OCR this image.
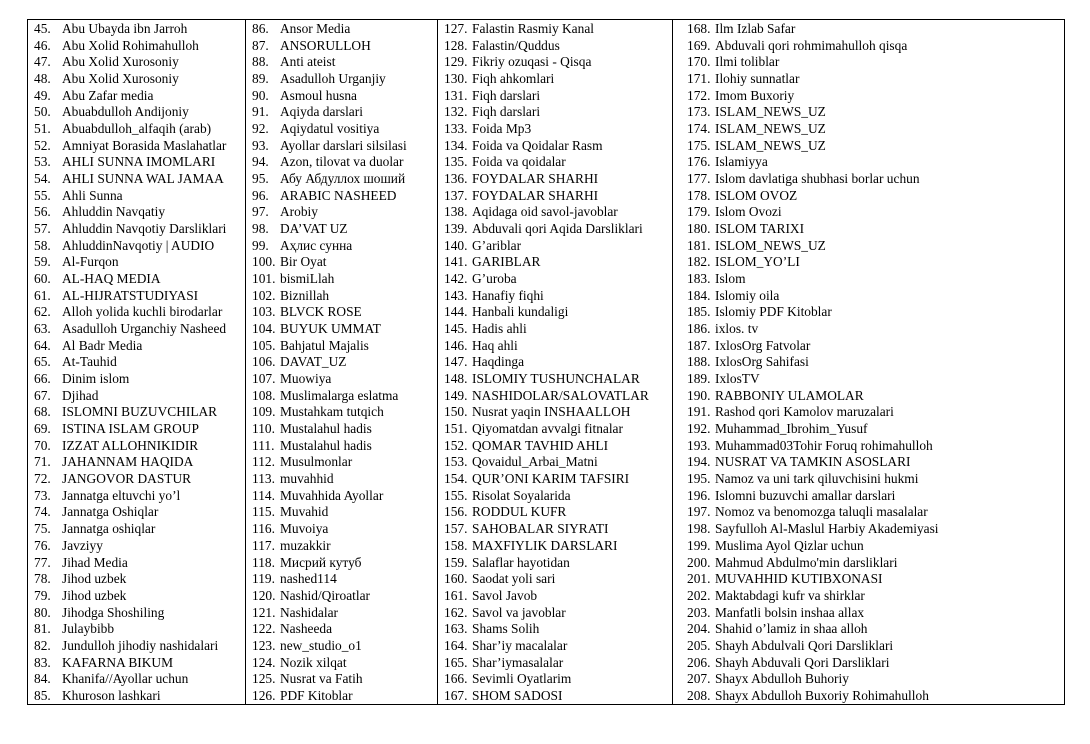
45. Abu Ubayda ibn Jarroh
46. Abu Xolid Rohimahulloh
47. Abu Xolid Xurosoniy
48. Abu Xolid Xurosoniy
49. Abu Zafar media
50. Abuabdulloh Andijoniy
51. Abuabdulloh_alfaqih (arab)
52. Amniyat Borasida Maslahatlar
53. AHLI SUNNA IMOMLARI
54. AHLI SUNNA WAL JAMAA
55. Ahli Sunna
56. Ahluddin Navqatiy
57. Ahluddin Navqotiy Darsliklari
58. AhluddinNavqotiy | AUDIO
59. Al-Furqon
60. AL-HAQ MEDIA
61. AL-HIJRATSTUDIYASI
62. Alloh yolida kuchli birodarlar
63. Asadulloh Urganchiy Nasheed
64. Al Badr Media
65. At-Tauhid
66. Dinim islom
67. Djihad
68. ISLOMNI BUZUVCHILAR
69. ISTINA ISLAM GROUP
70. IZZAT ALLOHNIKIDIR
71. JAHANNAM HAQIDA
72. JANGOVOR DASTUR
73. Jannatga eltuvchi yo’l
74. Jannatga Oshiqlar
75. Jannatga oshiqlar
76. Javziyy
77. Jihad Media
78. Jihod uzbek
79. Jihod uzbek
80. Jihodga Shoshiling
81. Julaybibb
82. Jundulloh jihodiy nashidalari
83. KAFARNA BIKUM
84. Khanifa//Ayollar uchun
85. Khuroson lashkari
86. Ansor Media
87. ANSORULLOH
88. Anti ateist
89. Asadulloh Urganjiy
90. Asmoul husna
91. Aqiyda darslari
92. Aqiydatul vositiya
93. Ayollar darslari silsilasi
94. Azon, tilovat va duolar
95. Абу Абдуллох шоший
96. ARABIC NASHEED
97. Arobiy
98. DA’VAT UZ
99. Аҳлис сунна
100. Bir Oyat
101. bismiLlah
102. Biznillah
103. BLVCK ROSE
104. BUYUK UMMAT
105. Bahjatul Majalis
106. DAVAT_UZ
107. Muowiya
108. Muslimalarga eslatma
109. Mustahkam tutqich
110. Mustalahul hadis
111. Mustalahul hadis
112. Musulmonlar
113. muvahhid
114. Muvahhida Ayollar
115. Muvahid
116. Muvoiya
117. muzakkir
118. Мисрий кутуб
119. nashed114
120. Nashid/Qiroatlar
121. Nashidalar
122. Nasheeda
123. new_studio_o1
124. Nozik xilqat
125. Nusrat va Fatih
126. PDF Kitoblar
127. Falastin Rasmiy Kanal
128. Falastin/Quddus
129. Fikriy ozuqasi - Qisqa
130. Fiqh ahkomlari
131. Fiqh darslari
132. Fiqh darslari
133. Foida Mp3
134. Foida va Qoidalar Rasm
135. Foida va qoidalar
136. FOYDALAR SHARHI
137. FOYDALAR SHARHI
138. Aqidaga oid savol-javoblar
139. Abduvali qori Aqida Darsliklari
140. G’ariblar
141. GARIBLAR
142. G’uroba
143. Hanafiy fiqhi
144. Hanbali kundaligi
145. Hadis ahli
146. Haq ahli
147. Haqdinga
148. ISLOMIY TUSHUNCHALAR
149. NASHIDOLAR/SALOVATLAR
150. Nusrat yaqin INSHAALLOH
151. Qiyomatdan avvalgi fitnalar
152. QOMAR TAVHID AHLI
153. Qovaidul_Arbai_Matni
154. QUR’ONI KARIM TAFSIRI
155. Risolat Soyalarida
156. RODDUL KUFR
157. SAHOBALAR SIYRATI
158. MAXFIYLIK DARSLARI
159. Salaflar hayotidan
160. Saodat yoli sari
161. Savol Javob
162. Savol va javoblar
163. Shams Solih
164. Shar’iy macalalar
165. Shar’iymasalalar
166. Sevimli Oyatlarim
167. SHOM SADOSI
168. Ilm Izlab Safar
169. Abduvali qori rohmimahulloh qisqa
170. Ilmi toliblar
171. Ilohiy sunnatlar
172. Imom Buxoriy
173. ISLAM_NEWS_UZ
174. ISLAM_NEWS_UZ
175. ISLAM_NEWS_UZ
176. Islamiyya
177. Islom davlatiga shubhasi borlar uchun
178. ISLOM OVOZ
179. Islom Ovozi
180. ISLOM TARIXI
181. ISLOM_NEWS_UZ
182. ISLOM_YO’LI
183. Islom
184. Islomiy oila
185. Islomiy PDF Kitoblar
186. ixlos. tv
187. IxlosOrg Fatvolar
188. IxlosOrg Sahifasi
189. IxlosTV
190. RABBONIY ULAMOLAR
191. Rashod qori Kamolov maruzalari
192. Muhammad_Ibrohim_Yusuf
193. Muhammad03Tohir Foruq rohimahulloh
194. NUSRAT VA TAMKIN ASOSLARI
195. Namoz va uni tark qiluvchisini hukmi
196. Islomni buzuvchi amallar darslari
197. Nomoz va benomozga taluqli masalalar
198. Sayfulloh Al-Maslul Harbiy Akademiyasi
199. Muslima Ayol Qizlar uchun
200. Mahmud Abdulmo'min darsliklari
201. MUVAHHID KUTIBXONASI
202. Maktabdagi kufr va shirklar
203. Manfatli bolsin inshaa allax
204. Shahid o’lamiz in shaa alloh
205. Shayh Abdulvali Qori Darsliklari
206. Shayh Abduvali Qori Darsliklari
207. Shayx Abdulloh Buhoriy
208. Shayx Abdulloh Buxoriy Rohimahulloh
